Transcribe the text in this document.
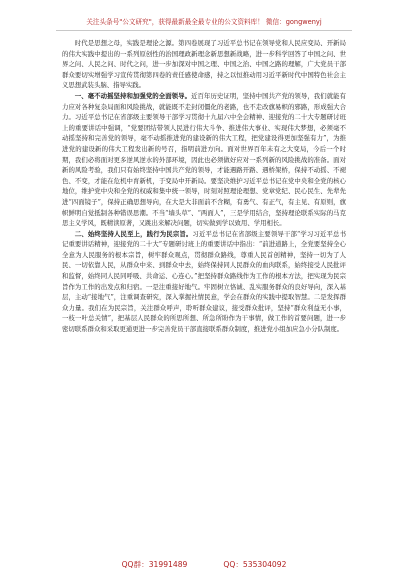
关注头条号"公文研究"，获得最新最全最专业的公文资料库！ 微信：gongwenyj

时代是思想之母，实践是理论之源。第四卷展现了习近平总书记在领导党和人民应变局、开新局的伟大实践中提出的一系列原创性的治国理政新理念新思想新战略，进一步科学回答了中国之问、世界之问、人民之问、时代之问，进一步加深对中国之理、中国之治、中国之路的理解，广大党员干部群众要切实增强学习宣传贯彻第四卷的责任感使命感，持之以恒推动用习近平新时代中国特色社会主义思想武装头脑、指导实践。

一、毫不动摇坚持和加强党的全面领导。近百年历史证明，坚持中国共产党的领导，我们就能有力应对各种复杂局面和风险挑战，就能既不走封闭僵化的老路，也不走改旗易帜的邪路，形成强大合力。习近平总书记在省部级主要领导干部学习贯彻十九届六中全会精神、迎接党的二十大专题研讨班上的重要讲话中强调，“党要团结带领人民进行伟大斗争、推进伟大事业、实现伟大梦想，必须毫不动摇坚持和完善党的领导，毫不动摇推进党的建设新的伟大工程，把党建设得更加坚强有力”，为推进党的建设新的伟大工程发出新的号召，指明前进方向。面对世界百年未有之大变局，今后一个时期，我们必将面对更多逆风逆水的外部环境，因此也必须做好应对一系列新的风险挑战的准备。面对新的风险考验，我们只有始终坚持中国共产党的领导，才能遇路开路、遇桥架桥，保持不动摇、不褪色、不变，才能在危机中育新机，于变局中开新局。要坚决维护习近平总书记在党中央和全党的核心地位，维护党中央和全党的权威和集中统一领导，时刻对照理论理想、党章党纪、民心民生、先辈先进“四面镜子”，保持正确思想导向，在大是大非面前不含糊，有勇气、有正气，有主见、有原则，旗帜鲜明自觉抵制各种错误思潮。不当“墙头草”、“两面人”，三是学用结合，坚持理论联系实际的马克思主义学风，既精读原著，又跳出来解决问题，切实做到学以致用、学用相长。

二、始终坚持人民至上，践行为民宗旨。习近平总书记在省部级主要领导干部“学习习近平总书记重要讲话精神，迎接党的二十大”专题研讨班上的重要讲话中指出：“前进道路上，全党要坚持全心全意为人民服务的根本宗旨，树牢群众观点，贯彻群众路线，尊重人民首创精神，坚持一切为了人民、一切依靠人民，从群众中来、到群众中去，始终保持同人民群众的血肉联系，始终接受人民批评和监督，始终同人民同呼吸、共命运、心连心。”把坚持群众路线作为工作的根本方法，把实现为民宗旨作为工作的出发点和归宿。一是注重接好地气。牢固树立恪诚、乱实服务群众的良好导向，深入基层，主动“接地气”，注重调查研究，深入掌握社情民意，学会在群众的实践中提取智慧。二是发挥群众力量。我们在为民宗旨，关注群众呼声，聆听群众建议，接受群众批评，坚持“群众利益无小事，一枝一叶总关情”，把基层人民群众的所思所想、所急所盼作为干事情，做工作的首要问题，进一步密切联系群众和采取更通更进一步完善党员干部直接联系群众制度，推进党小组加应急小分队制度。

QQ群：31991489	QQ：535304092
